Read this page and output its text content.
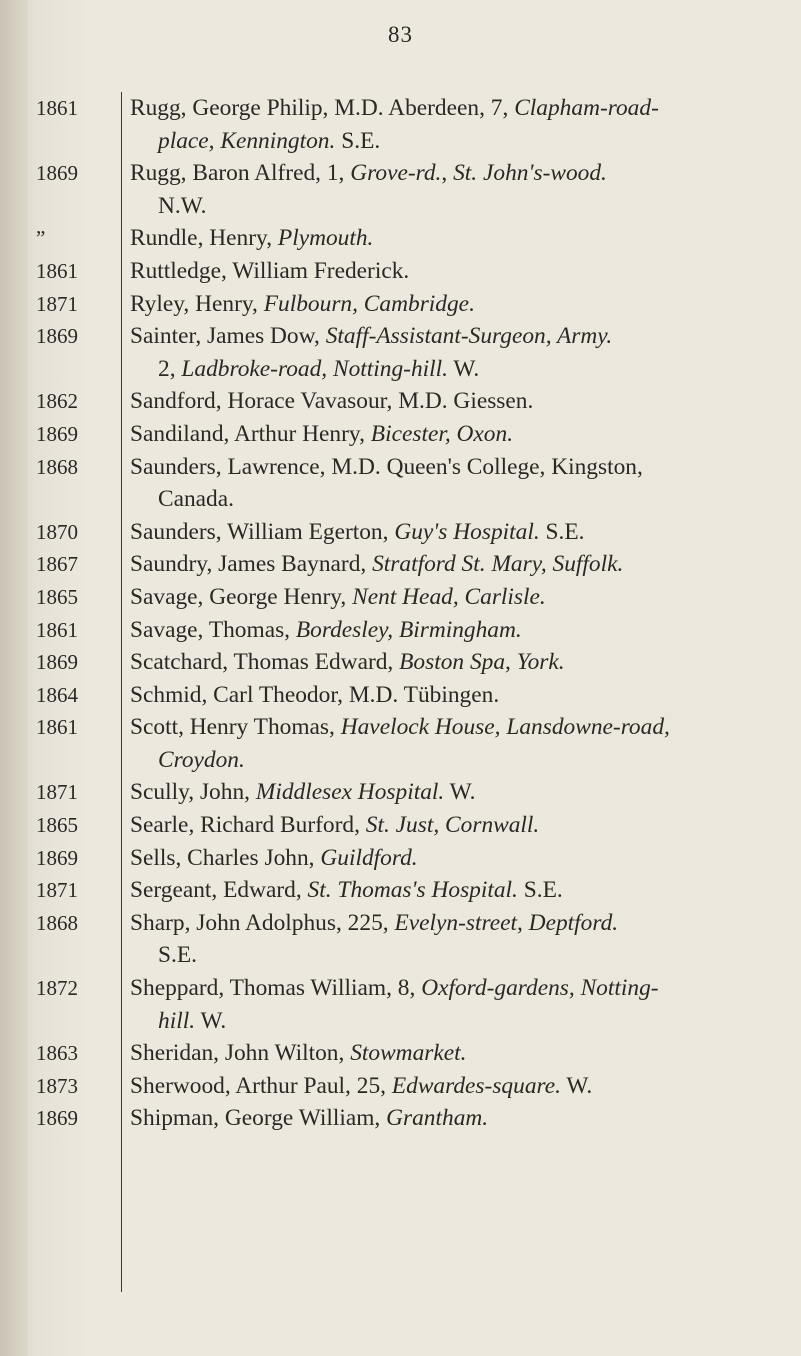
83
1861	Rugg, George Philip, M.D. Aberdeen, 7, Clapham-road-
place, Kennington. S.E.
1869	Rugg, Baron Alfred, 1, Grove-rd., St. John's-wood.
N.W.
”	Rundle, Henry, Plymouth.
1861	Ruttledge, William Frederick.
1871	Ryley, Henry, Fulbourn, Cambridge.
1869	Sainter, James Dow, Staff-Assistant-Surgeon, Army.
2, Ladbroke-road, Notting-hill. W.
1862	Sandford, Horace Vavasour, M.D. Giessen.
1869	Sandiland, Arthur Henry, Bicester, Oxon.
1868	Saunders, Lawrence, M.D. Queen's College, Kingston,
Canada.
1870	Saunders, William Egerton, Guy's Hospital. S.E.
1867	Saundry, James Baynard, Stratford St. Mary, Suffolk.
1865	Savage, George Henry, Nent Head, Carlisle.
1861	Savage, Thomas, Bordesley, Birmingham.
1869	Scatchard, Thomas Edward, Boston Spa, York.
1864	Schmid, Carl Theodor, M.D. Tübingen.
1861	Scott, Henry Thomas, Havelock House, Lansdowne-road,
Croydon.
1871	Scully, John, Middlesex Hospital. W.
1865	Searle, Richard Burford, St. Just, Cornwall.
1869	Sells, Charles John, Guildford.
1871	Sergeant, Edward, St. Thomas's Hospital. S.E.
1868	Sharp, John Adolphus, 225, Evelyn-street, Deptford.
S.E.
1872	Sheppard, Thomas William, 8, Oxford-gardens, Notting-
hill. W.
1863	Sheridan, John Wilton, Stowmarket.
1873	Sherwood, Arthur Paul, 25, Edwardes-square. W.
1869	Shipman, George William, Grantham.
